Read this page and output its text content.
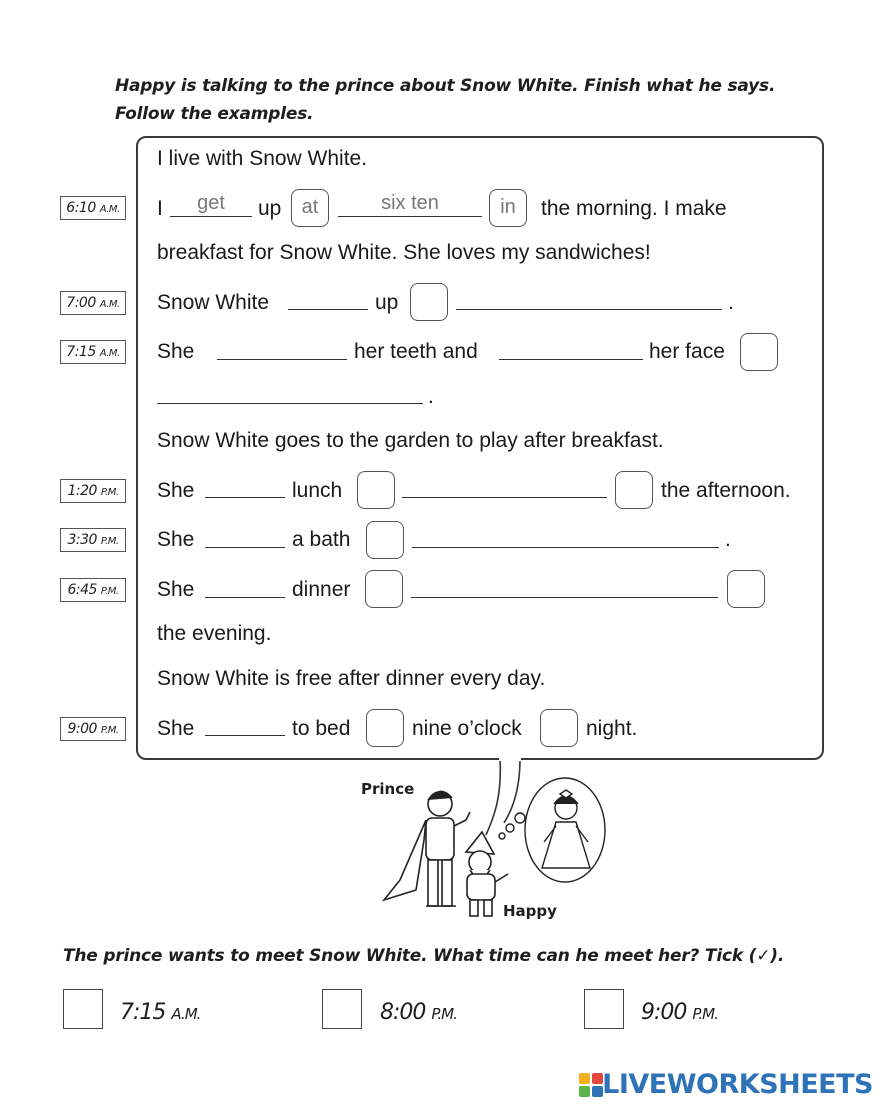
Happy is talking to the prince about Snow White. Finish what he says.
Follow the examples.
6:10 A.M.
7:00 A.M.
7:15 A.M.
1:20 P.M.
3:30 P.M.
6:45 P.M.
9:00 P.M.
I live with Snow White.
I	get	up	at	six ten	in	the morning. I make
breakfast for Snow White. She loves my sandwiches!
Snow White	up	.
She	her teeth and	her face
.
Snow White goes to the garden to play after breakfast.
She	lunch	the afternoon.
She	a bath	.
She	dinner
the evening.
Snow White is free after dinner every day.
She	to bed	nine o’clock	night.
Prince
Happy
The prince wants to meet Snow White. What time can he meet her? Tick (✓).
7:15 A.M.	8:00 P.M.	9:00 P.M.
LIVEWORKSHEETS
